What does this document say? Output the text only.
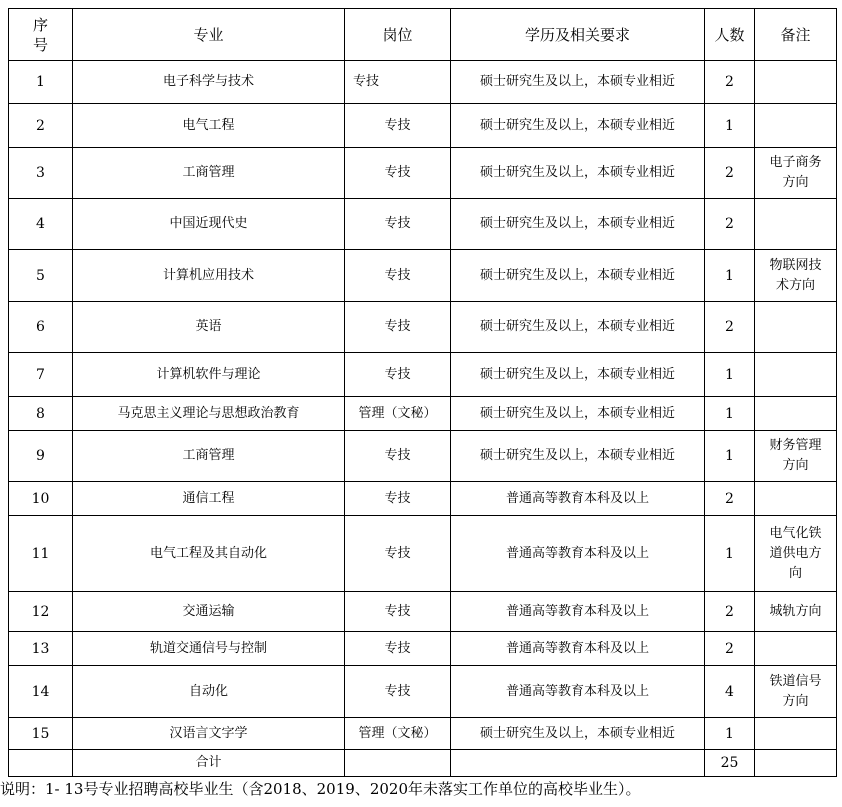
序号	专业	岗位	学历及相关要求	人数	备注
1	电子科学与技术	专技	硕士研究生及以上，本硕专业相近	2	
2	电气工程	专技	硕士研究生及以上，本硕专业相近	1	
3	工商管理	专技	硕士研究生及以上，本硕专业相近	2	电子商务方向
4	中国近现代史	专技	硕士研究生及以上，本硕专业相近	2	
5	计算机应用技术	专技	硕士研究生及以上，本硕专业相近	1	物联网技术方向
6	英语	专技	硕士研究生及以上，本硕专业相近	2	
7	计算机软件与理论	专技	硕士研究生及以上，本硕专业相近	1	
8	马克思主义理论与思想政治教育	管理（文秘）	硕士研究生及以上，本硕专业相近	1	
9	工商管理	专技	硕士研究生及以上，本硕专业相近	1	财务管理方向
10	通信工程	专技	普通高等教育本科及以上	2	
11	电气工程及其自动化	专技	普通高等教育本科及以上	1	电气化铁道供电方向
12	交通运输	专技	普通高等教育本科及以上	2	城轨方向
13	轨道交通信号与控制	专技	普通高等教育本科及以上	2	
14	自动化	专技	普通高等教育本科及以上	4	铁道信号方向
15	汉语言文字学	管理（文秘）	硕士研究生及以上，本硕专业相近	1	
	合计			25	
说明：1- 13号专业招聘高校毕业生（含2018、2019、2020年未落实工作单位的高校毕业生）。
